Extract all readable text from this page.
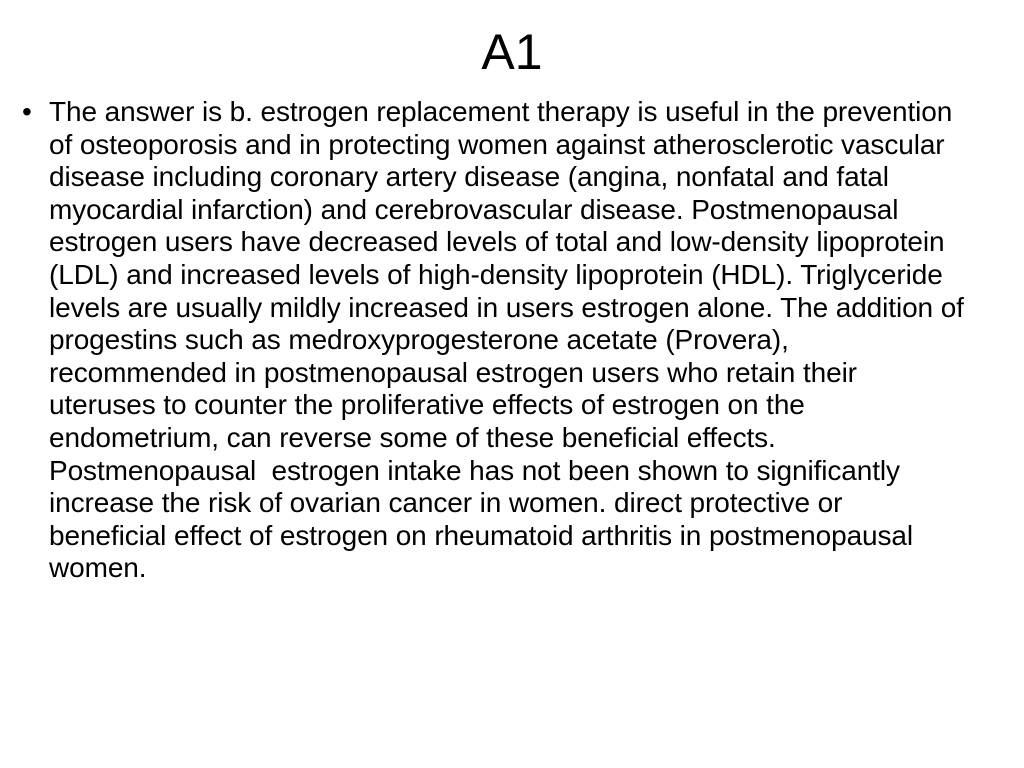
A1
• The answer is b. estrogen replacement therapy is useful in the prevention of osteoporosis and in protecting women against atherosclerotic vascular disease including coronary artery disease (angina, nonfatal and fatal myocardial infarction) and cerebrovascular disease. Postmenopausal estrogen users have decreased levels of total and low-density lipoprotein (LDL) and increased levels of high-density lipoprotein (HDL). Triglyceride levels are usually mildly increased in users estrogen alone. The addition of progestins such as medroxyprogesterone acetate (Provera), recommended in postmenopausal estrogen users who retain their uteruses to counter the proliferative effects of estrogen on the endometrium, can reverse some of these beneficial effects. Postmenopausal  estrogen intake has not been shown to significantly increase the risk of ovarian cancer in women. direct protective or beneficial effect of estrogen on rheumatoid arthritis in postmenopausal women.
